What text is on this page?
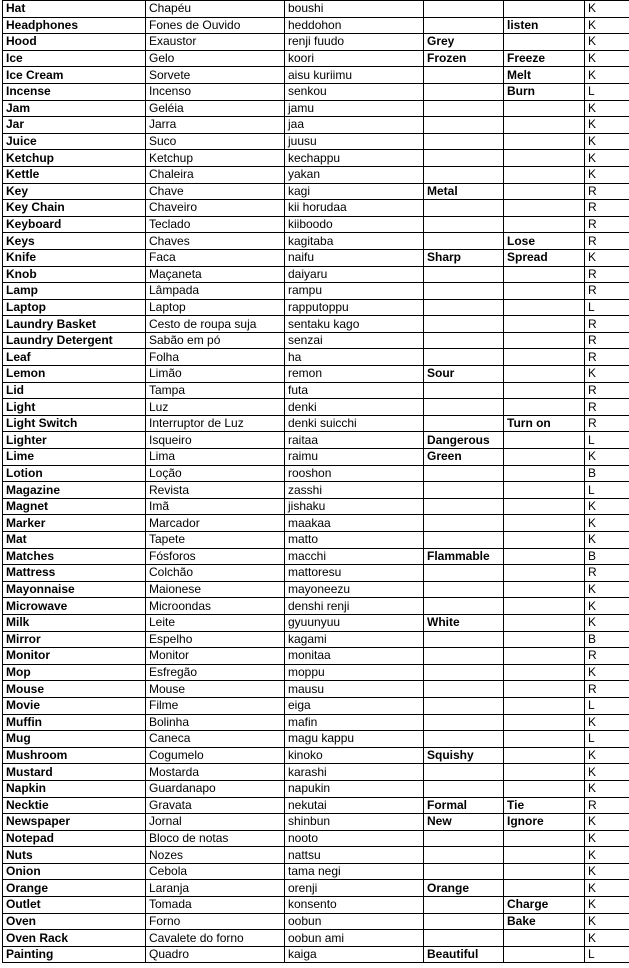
Hat	Chapéu	boushi			K
Headphones	Fones de Ouvido	heddohon		listen	K
Hood	Exaustor	renji fuudo	Grey		K
Ice	Gelo	koori	Frozen	Freeze	K
Ice Cream	Sorvete	aisu kuriimu		Melt	K
Incense	Incenso	senkou		Burn	L
Jam	Geléia	jamu			K
Jar	Jarra	jaa			K
Juice	Suco	juusu			K
Ketchup	Ketchup	kechappu			K
Kettle	Chaleira	yakan			K
Key	Chave	kagi	Metal		R
Key Chain	Chaveiro	kii horudaa			R
Keyboard	Teclado	kiiboodo			R
Keys	Chaves	kagitaba		Lose	R
Knife	Faca	naifu	Sharp	Spread	K
Knob	Maçaneta	daiyaru			R
Lamp	Lâmpada	rampu			R
Laptop	Laptop	rapputoppu			L
Laundry Basket	Cesto de roupa suja	sentaku kago			R
Laundry Detergent	Sabão em pó	senzai			R
Leaf	Folha	ha			R
Lemon	Limão	remon	Sour		K
Lid	Tampa	futa			R
Light	Luz	denki			R
Light Switch	Interruptor de Luz	denki suicchi		Turn on	R
Lighter	Isqueiro	raitaa	Dangerous		L
Lime	Lima	raimu	Green		K
Lotion	Loção	rooshon			B
Magazine	Revista	zasshi			L
Magnet	Imã	jishaku			K
Marker	Marcador	maakaa			K
Mat	Tapete	matto			K
Matches	Fósforos	macchi	Flammable		B
Mattress	Colchão	mattoresu			R
Mayonnaise	Maionese	mayoneezu			K
Microwave	Microondas	denshi renji			K
Milk	Leite	gyuunyuu	White		K
Mirror	Espelho	kagami			B
Monitor	Monitor	monitaa			R
Mop	Esfregão	moppu			K
Mouse	Mouse	mausu			R
Movie	Filme	eiga			L
Muffin	Bolinha	mafin			K
Mug	Caneca	magu kappu			L
Mushroom	Cogumelo	kinoko	Squishy		K
Mustard	Mostarda	karashi			K
Napkin	Guardanapo	napukin			K
Necktie	Gravata	nekutai	Formal	Tie	R
Newspaper	Jornal	shinbun	New	Ignore	K
Notepad	Bloco de notas	nooto			K
Nuts	Nozes	nattsu			K
Onion	Cebola	tama negi			K
Orange	Laranja	orenji	Orange		K
Outlet	Tomada	konsento		Charge	K
Oven	Forno	oobun		Bake	K
Oven Rack	Cavalete do forno	oobun ami			K
Painting	Quadro	kaiga	Beautiful		L
